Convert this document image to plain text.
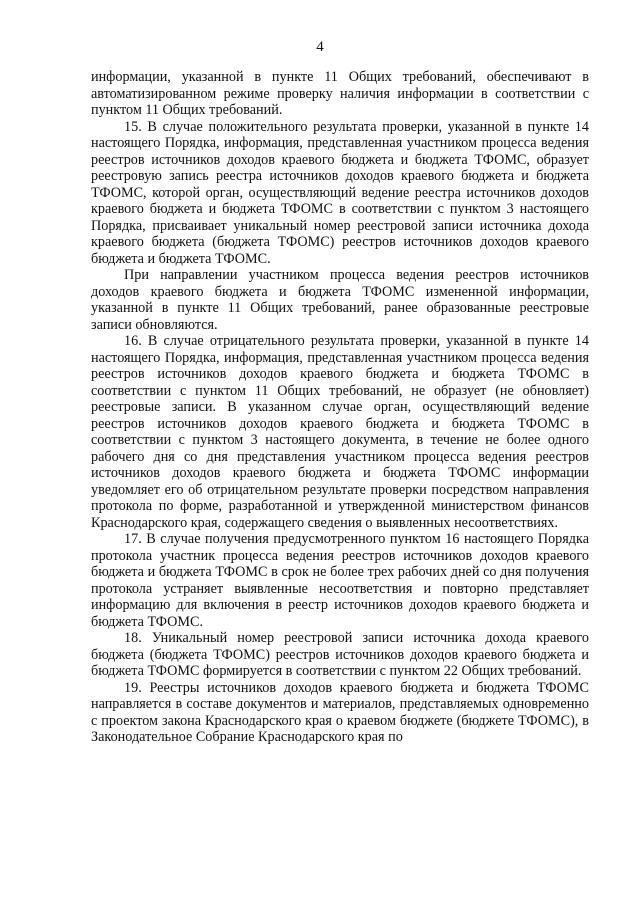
4

информации, указанной в пункте 11 Общих требований, обеспечивают в автоматизированном режиме проверку наличия информации в соответствии с пунктом 11 Общих требований.

15. В случае положительного результата проверки, указанной в пункте 14 настоящего Порядка, информация, представленная участником процесса ведения реестров источников доходов краевого бюджета и бюджета ТФОМС, образует реестровую запись реестра источников доходов краевого бюджета и бюджета ТФОМС, которой орган, осуществляющий ведение реестра источников доходов краевого бюджета и бюджета ТФОМС в соответствии с пунктом 3 настоящего Порядка, присваивает уникальный номер реестровой записи источника дохода краевого бюджета (бюджета ТФОМС) реестров источников доходов краевого бюджета и бюджета ТФОМС.

При направлении участником процесса ведения реестров источников доходов краевого бюджета и бюджета ТФОМС измененной информации, указанной в пункте 11 Общих требований, ранее образованные реестровые записи обновляются.

16. В случае отрицательного результата проверки, указанной в пункте 14 настоящего Порядка, информация, представленная участником процесса ведения реестров источников доходов краевого бюджета и бюджета ТФОМС в соответствии с пунктом 11 Общих требований, не образует (не обновляет) реестровые записи. В указанном случае орган, осуществляющий ведение реестров источников доходов краевого бюджета и бюджета ТФОМС в соответствии с пунктом 3 настоящего документа, в течение не более одного рабочего дня со дня представления участником процесса ведения реестров источников доходов краевого бюджета и бюджета ТФОМС информации уведомляет его об отрицательном результате проверки посредством направления протокола по форме, разработанной и утвержденной министерством финансов Краснодарского края, содержащего сведения о выявленных несоответствиях.

17. В случае получения предусмотренного пунктом 16 настоящего Порядка протокола участник процесса ведения реестров источников доходов краевого бюджета и бюджета ТФОМС в срок не более трех рабочих дней со дня получения протокола устраняет выявленные несоответствия и повторно представляет информацию для включения в реестр источников доходов краевого бюджета и бюджета ТФОМС.

18. Уникальный номер реестровой записи источника дохода краевого бюджета (бюджета ТФОМС) реестров источников доходов краевого бюджета и бюджета ТФОМС формируется в соответствии с пунктом 22 Общих требований.

19. Реестры источников доходов краевого бюджета и бюджета ТФОМС направляется в составе документов и материалов, представляемых одновременно с проектом закона Краснодарского края о краевом бюджете (бюджете ТФОМС), в Законодательное Собрание Краснодарского края по
